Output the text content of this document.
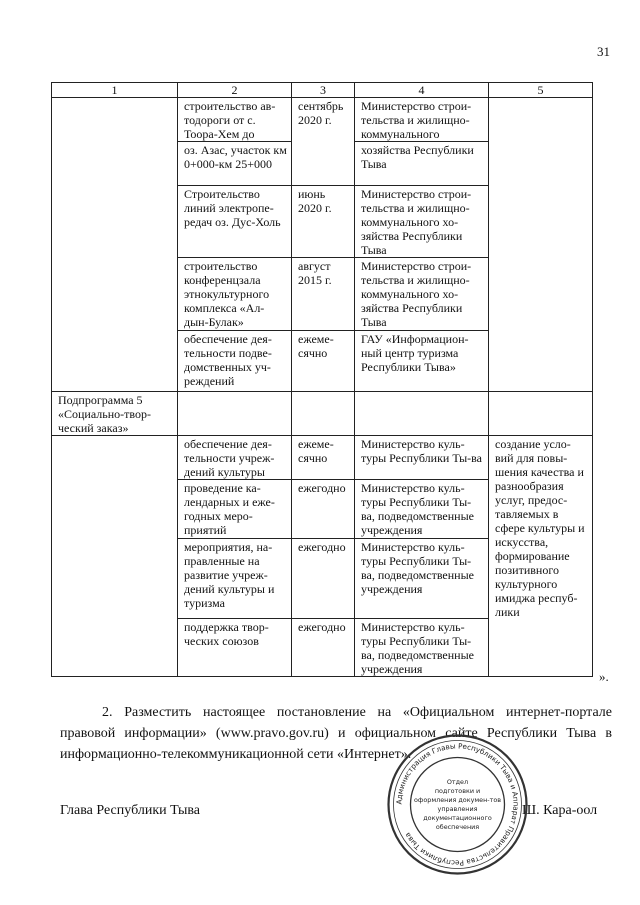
31
1	2	3	4	5
	строительство ав-тодороги от с. Тоора-Хем до	сентябрь 2020 г.	Министерство строи-тельства и жилищно-коммунального	
	оз. Азас, участок км 0+000-км 25+000		хозяйства Республики Тыва	
	Строительство линий электропе-редач оз. Дус-Холь	июнь 2020 г.	Министерство строи-тельства и жилищно-коммунального хо-зяйства Республики Тыва	
	строительство конференцзала этнокультурного комплекса «Ал-дын-Булак»	август 2015 г.	Министерство строи-тельства и жилищно-коммунального хо-зяйства Республики Тыва	
	обеспечение дея-тельности подве-домственных уч-реждений	ежеме-сячно	ГАУ «Информацион-ный центр туризма Республики Тыва»	
Подпрограмма 5 «Социально-твор-ческий заказ»				
	обеспечение дея-тельности учреж-дений культуры	ежеме-сячно	Министерство куль-туры Республики Ты-ва	создание усло-вий для повы-шения качества и разнообразия услуг, предос-тавляемых в сфере культуры и искусства, формирование позитивного культурного имиджа респуб-лики
	проведение ка-лендарных и еже-годных меро-приятий	ежегодно	Министерство куль-туры Республики Ты-ва, подведомственные учреждения	
	мероприятия, на-правленные на развитие учреж-дений культуры и туризма	ежегодно	Министерство куль-туры Республики Ты-ва, подведомственные учреждения	
	поддержка твор-ческих союзов	ежегодно	Министерство куль-туры Республики Ты-ва, подведомственные учреждения		».

2. Разместить настоящее постановление на «Официальном интернет-портале правовой информации» (www.pravo.gov.ru) и официальном сайте Республики Тыва в информационно-телекоммуникационной сети «Интернет».

Глава Республики Тыва	Ш. Кара-оол
Администрация Главы Республики Тыва и Аппарат Правительства Республики Тыва
Отдел
подготовки и
оформления докумен-тов
управления
документационного
обеспечения
